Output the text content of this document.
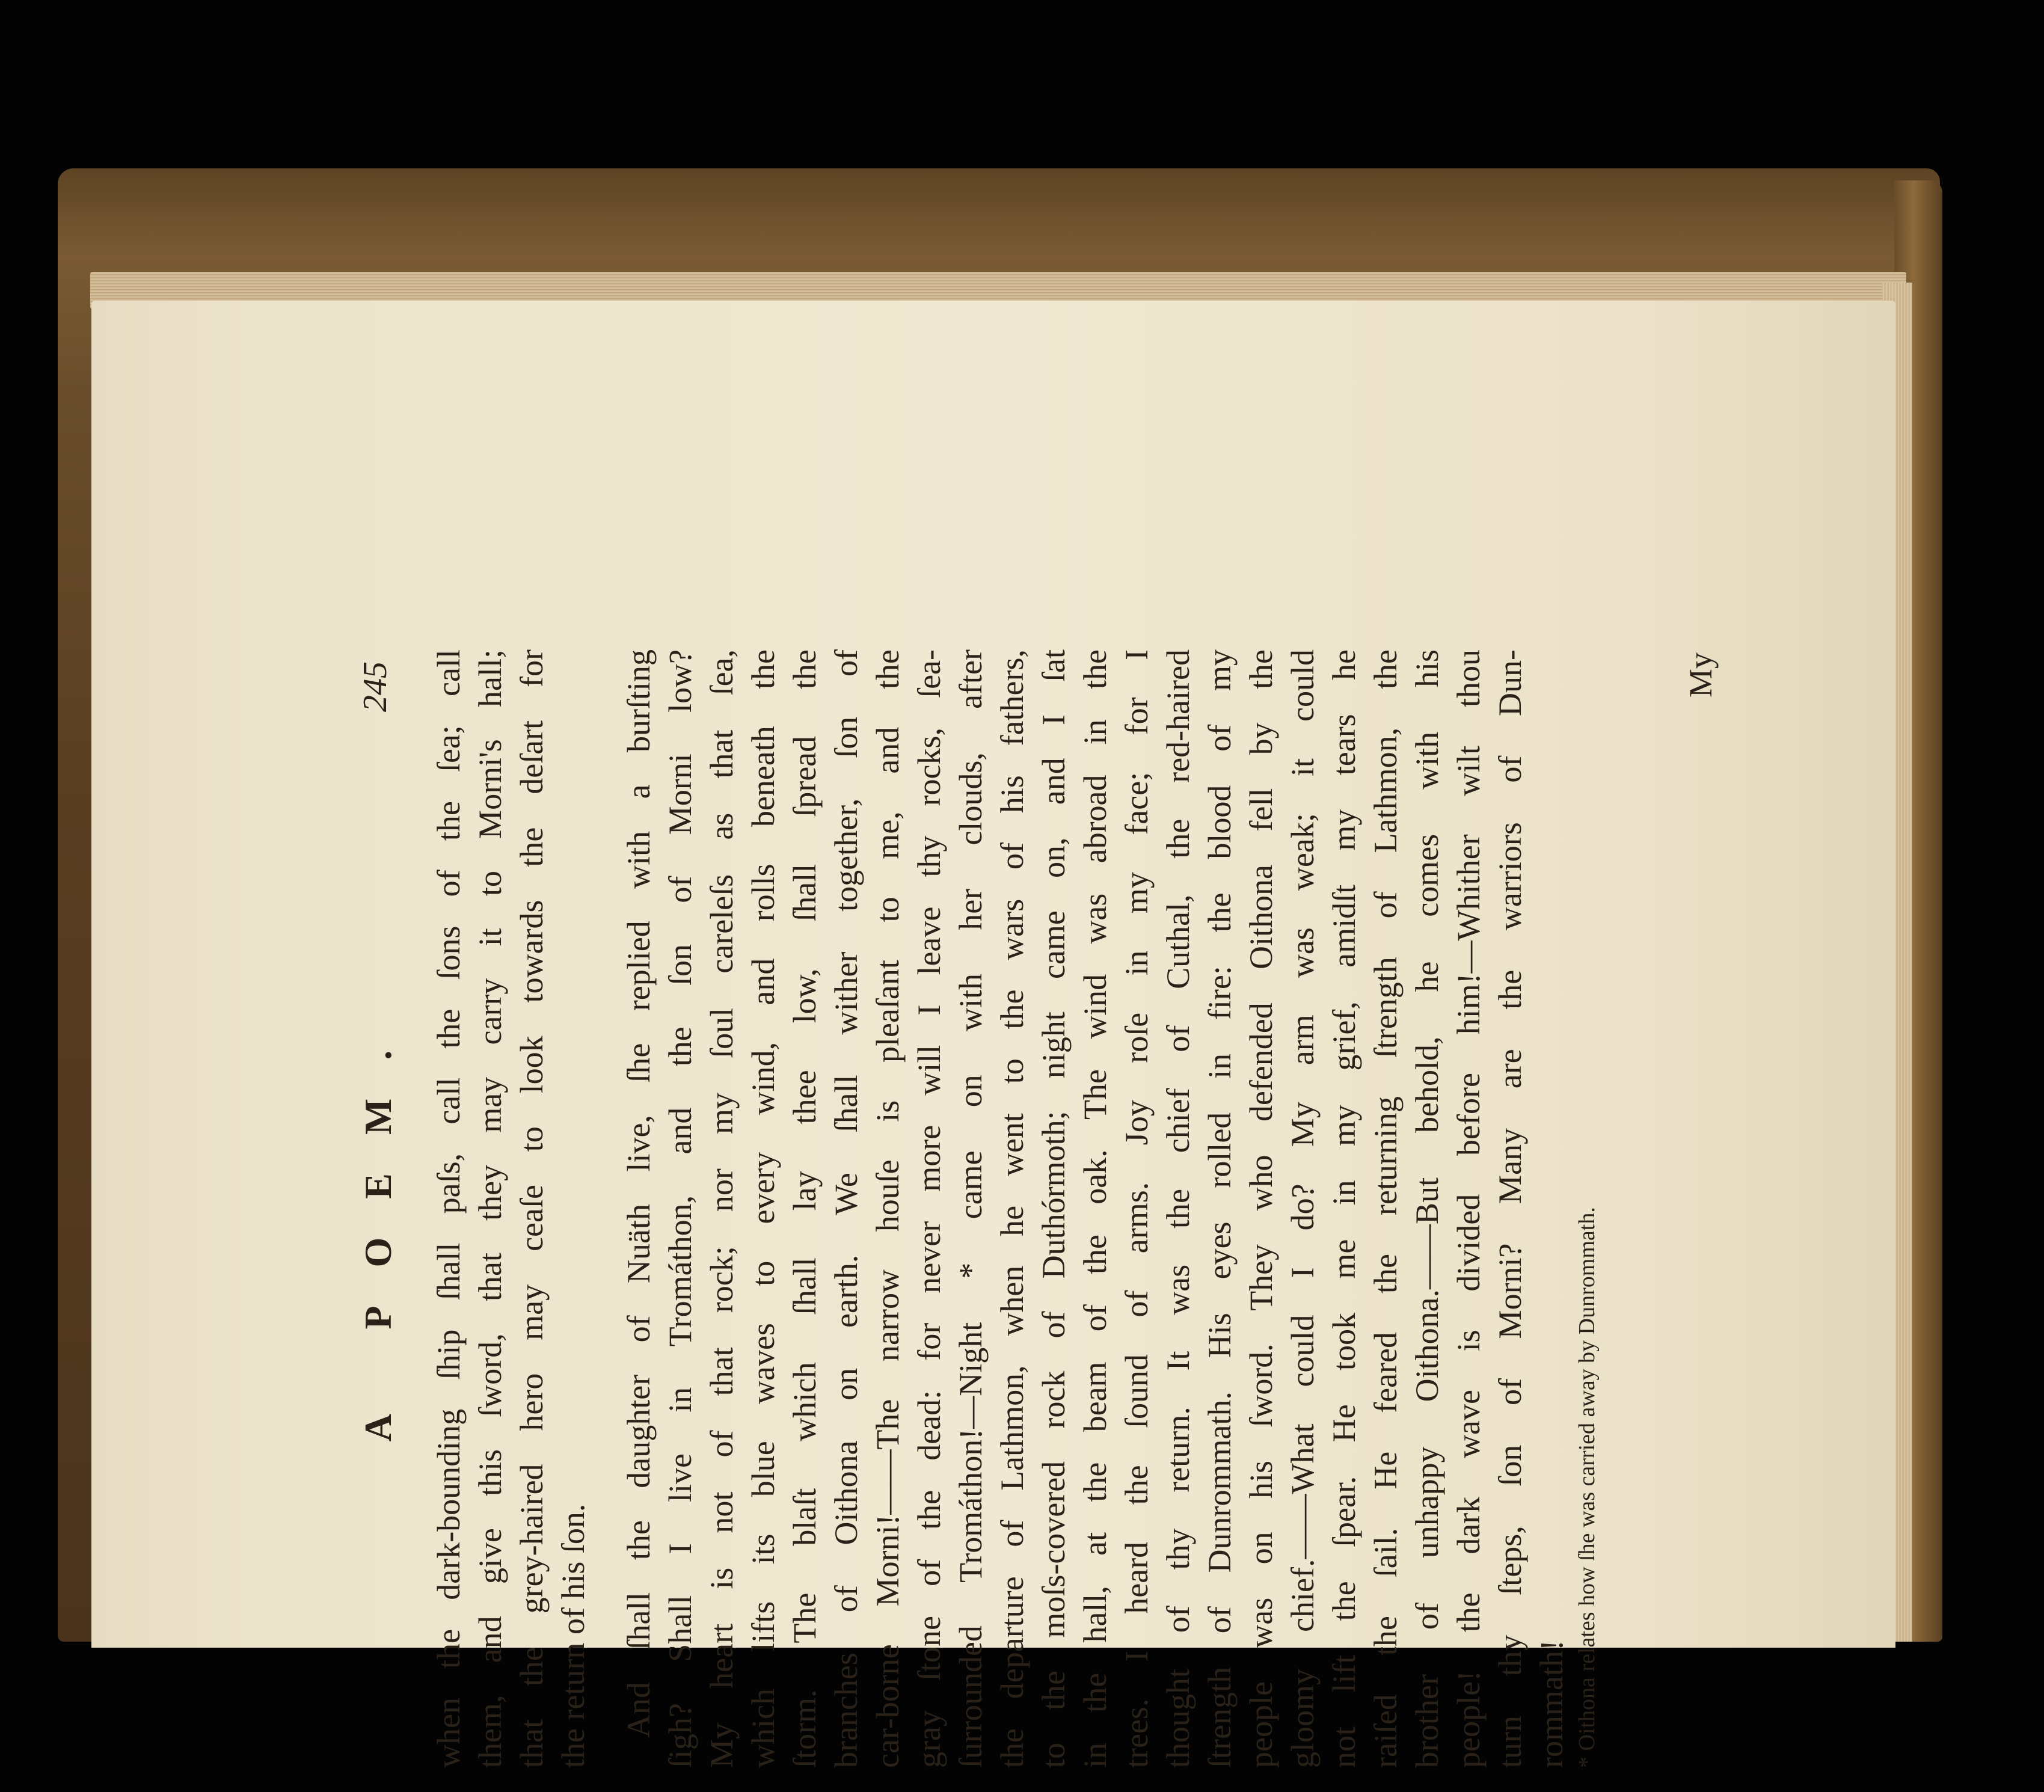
A POEM.
245 when the dark-bounding ſhip ſhall paſs, call the ſons of the ſea; call them, and give this ſword, that they may carry it to Morni's hall; that the grey-haired hero may ceaſe to look towards the deſart for the return of his ſon. And ſhall the daughter of Nuäth live, ſhe replied with a burſting ſigh? Shall I live in Tromáthon, and the ſon of Morni low? My heart is not of that rock; nor my ſoul careleſs as that ſea, which lifts its blue waves to every wind, and rolls beneath the ſtorm. The blaſt which ſhall lay thee low, ſhall ſpread the branches of Oithona on earth. We ſhall wither together, ſon of car-borne Morni!——The narrow houſe is pleaſant to me, and the gray ſtone of the dead: for never more will I leave thy rocks, ſea- ſurrounded Tromáthon!—Night * came on with her clouds, after the departure of Lathmon, when he went to the wars of his fathers, to the moſs-covered rock of Duthórmoth; night came on, and I ſat in the hall, at the beam of the oak. The wind was abroad in the trees. I heard the ſound of arms. Joy roſe in my face; for I thought of thy return. It was the chief of Cuthal, the red-haired ſtrength of Dunrommath. His eyes rolled in fire: the blood of my people was on his ſword. They who defended Oithona fell by the gloomy chief.——What could I do? My arm was weak; it could not lift the ſpear. He took me in my grief, amidſt my tears he raiſed the ſail. He feared the returning ſtrength of Lathmon, the brother of unhappy Oithona.——But behold, he comes with his people! the dark wave is divided before him!—Whither wilt thou turn thy ſteps, ſon of Morni? Many are the warriors of Dun- rommath! * Oithona relates how ſhe was carried away by Dunrommath.
My
